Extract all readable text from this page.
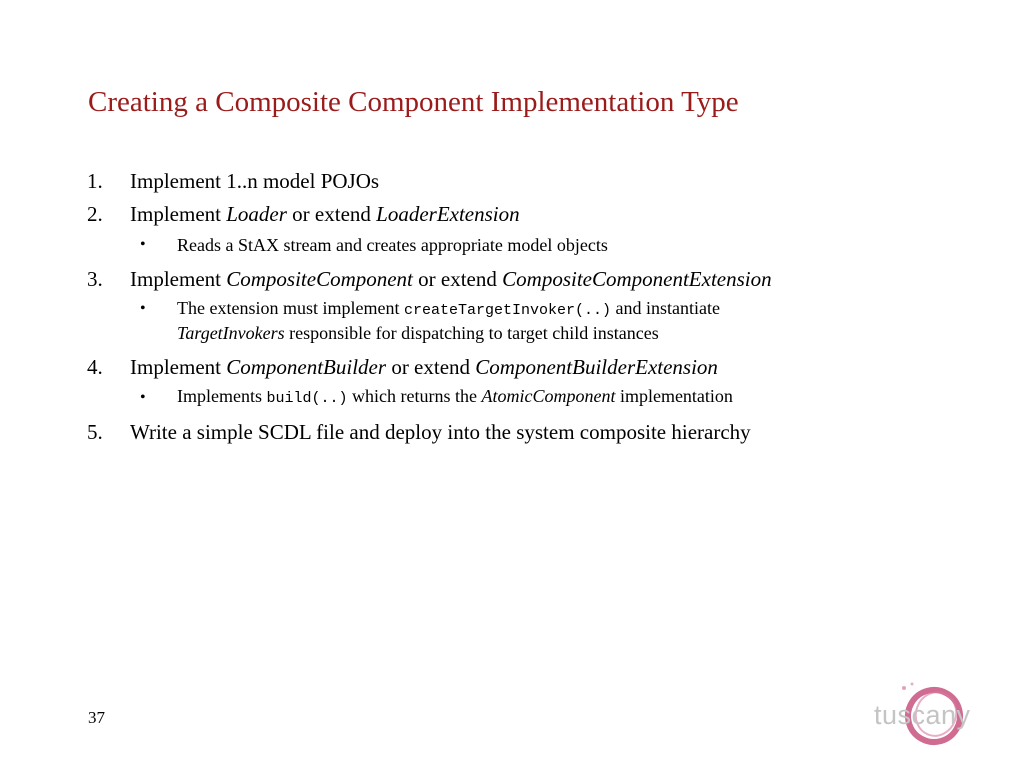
Creating a Composite Component Implementation Type
1. Implement 1..n model POJOs
2. Implement Loader or extend LoaderExtension
• Reads a StAX stream and creates appropriate model objects
3. Implement CompositeComponent or extend CompositeComponentExtension
• The extension must implement createTargetInvoker(..) and instantiate
TargetInvokers responsible for dispatching to target child instances
4. Implement ComponentBuilder or extend ComponentBuilderExtension
• Implements build(..) which returns the AtomicComponent implementation
5. Write a simple SCDL file and deploy into the system composite hierarchy
37	tuscany
